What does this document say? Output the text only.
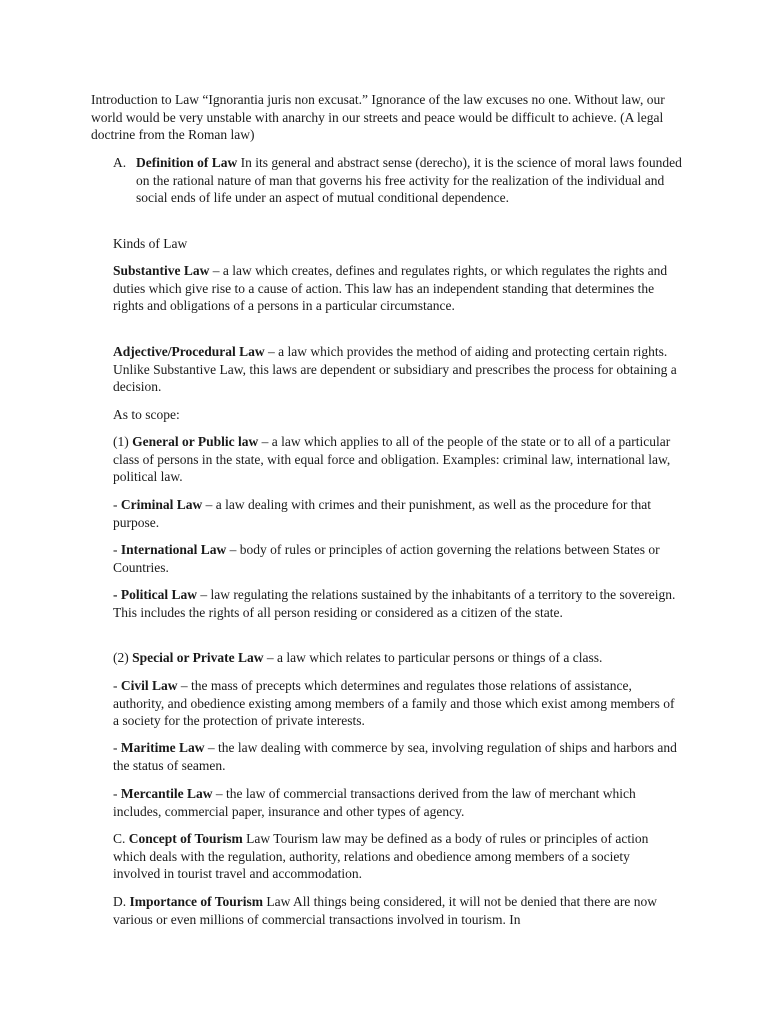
Introduction to Law “Ignorantia juris non excusat.” Ignorance of the law excuses no one. Without law, our world would be very unstable with anarchy in our streets and peace would be difficult to achieve. (A legal doctrine from the Roman law)

A. Definition of Law In its general and abstract sense (derecho), it is the science of moral laws founded on the rational nature of man that governs his free activity for the realization of the individual and social ends of life under an aspect of mutual conditional dependence.

Kinds of Law

Substantive Law – a law which creates, defines and regulates rights, or which regulates the rights and duties which give rise to a cause of action. This law has an independent standing that determines the rights and obligations of a persons in a particular circumstance.

Adjective/Procedural Law – a law which provides the method of aiding and protecting certain rights. Unlike Substantive Law, this laws are dependent or subsidiary and prescribes the process for obtaining a decision.

As to scope:

(1) General or Public law – a law which applies to all of the people of the state or to all of a particular class of persons in the state, with equal force and obligation. Examples: criminal law, international law, political law.

- Criminal Law – a law dealing with crimes and their punishment, as well as the procedure for that purpose.

- International Law – body of rules or principles of action governing the relations between States or Countries.

- Political Law – law regulating the relations sustained by the inhabitants of a territory to the sovereign. This includes the rights of all person residing or considered as a citizen of the state.

(2) Special or Private Law – a law which relates to particular persons or things of a class.

- Civil Law – the mass of precepts which determines and regulates those relations of assistance, authority, and obedience existing among members of a family and those which exist among members of a society for the protection of private interests.

- Maritime Law – the law dealing with commerce by sea, involving regulation of ships and harbors and the status of seamen.

- Mercantile Law – the law of commercial transactions derived from the law of merchant which includes, commercial paper, insurance and other types of agency.

C. Concept of Tourism Law Tourism law may be defined as a body of rules or principles of action which deals with the regulation, authority, relations and obedience among members of a society involved in tourist travel and accommodation.

D. Importance of Tourism Law All things being considered, it will not be denied that there are now various or even millions of commercial transactions involved in tourism. In
